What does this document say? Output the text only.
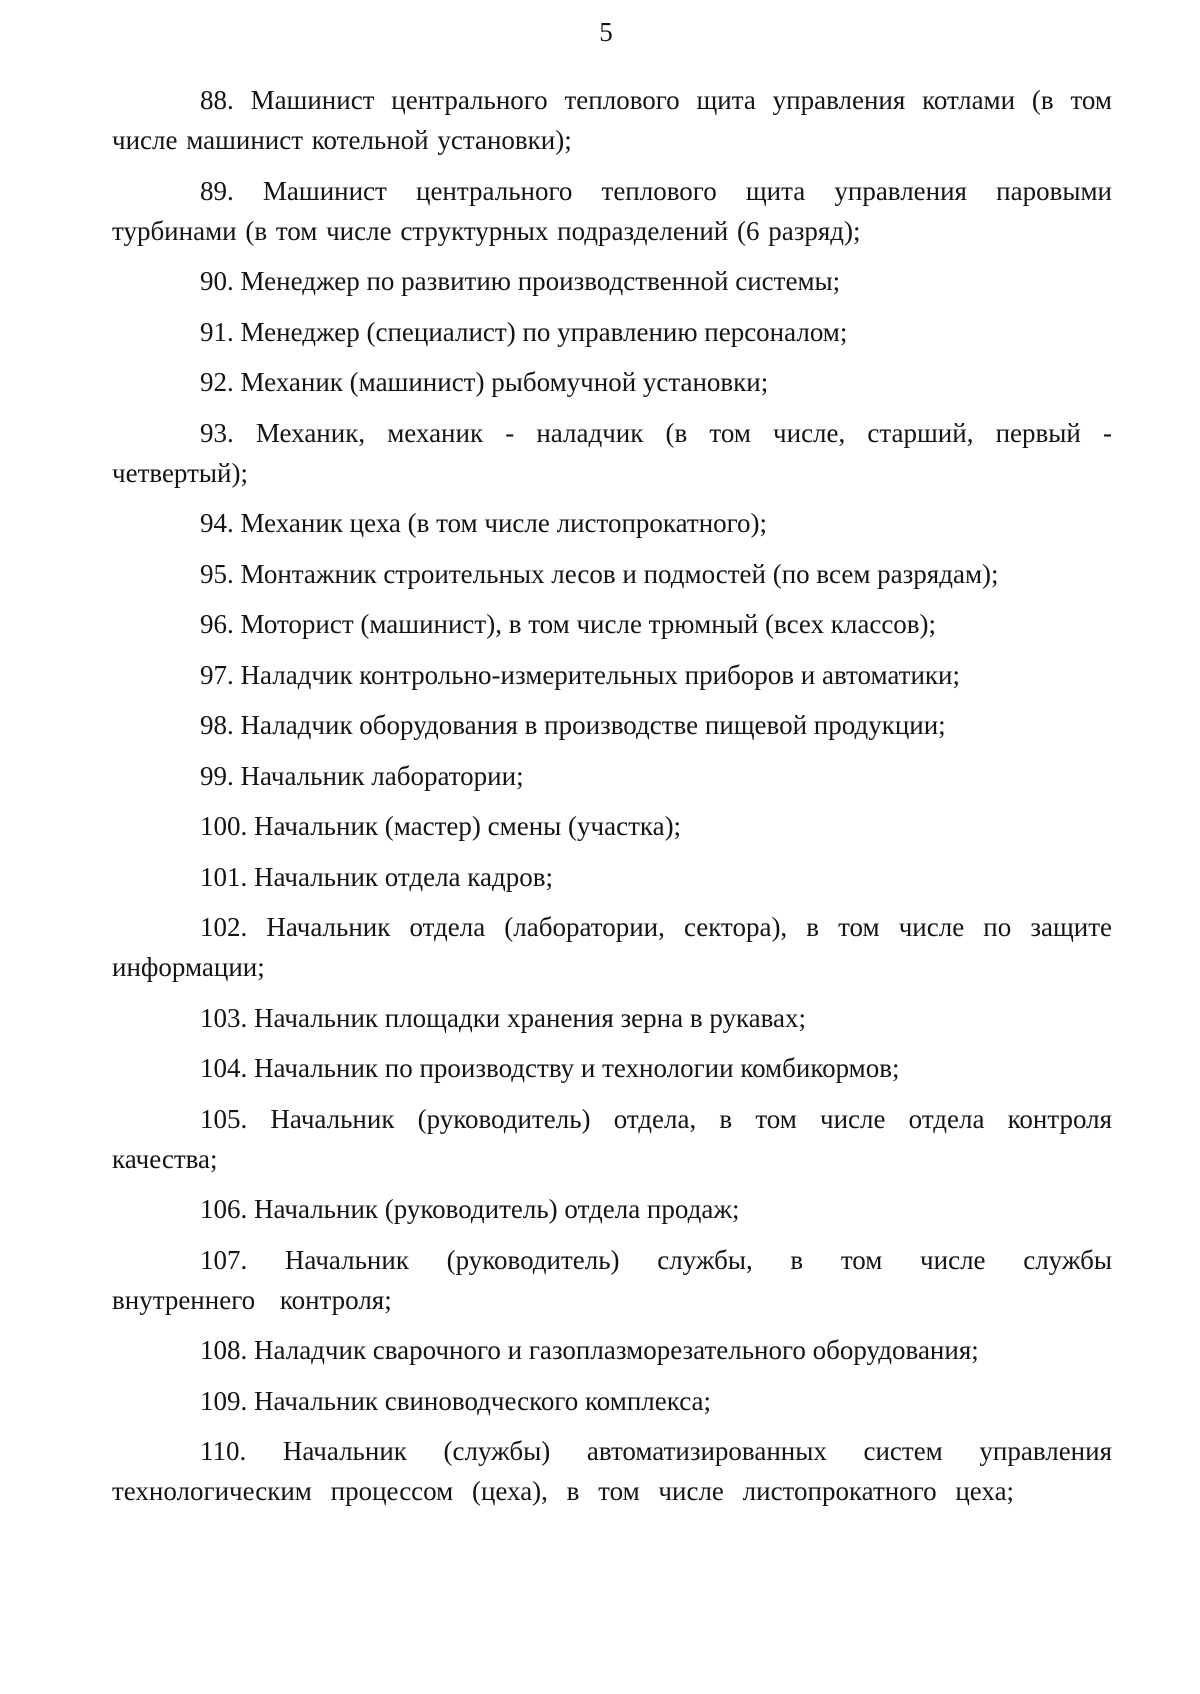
5

88. Машинист центрального теплового щита управления котлами (в том числе машинист котельной установки);

89. Машинист центрального теплового щита управления паровыми турбинами (в том числе структурных подразделений (6 разряд);

90. Менеджер по развитию производственной системы;

91. Менеджер (специалист) по управлению персоналом;

92. Механик (машинист) рыбомучной установки;

93. Механик, механик - наладчик (в том числе, старший, первый - четвертый);

94. Механик цеха (в том числе листопрокатного);

95. Монтажник строительных лесов и подмостей (по всем разрядам);

96. Моторист (машинист), в том числе трюмный (всех классов);

97. Наладчик контрольно-измерительных приборов и автоматики;

98. Наладчик оборудования в производстве пищевой продукции;

99. Начальник лаборатории;

100. Начальник (мастер) смены (участка);

101. Начальник отдела кадров;

102. Начальник отдела (лаборатории, сектора), в том числе по защите информации;

103. Начальник площадки хранения зерна в рукавах;

104. Начальник по производству и технологии комбикормов;

105. Начальник (руководитель) отдела, в том числе отдела контроля качества;

106. Начальник (руководитель) отдела продаж;

107. Начальник (руководитель) службы, в том числе службы внутреннего контроля;

108. Наладчик сварочного и газоплазморезательного оборудования;

109. Начальник свиноводческого комплекса;

110. Начальник (службы) автоматизированных систем управления технологическим процессом (цеха), в том числе листопрокатного цеха;
